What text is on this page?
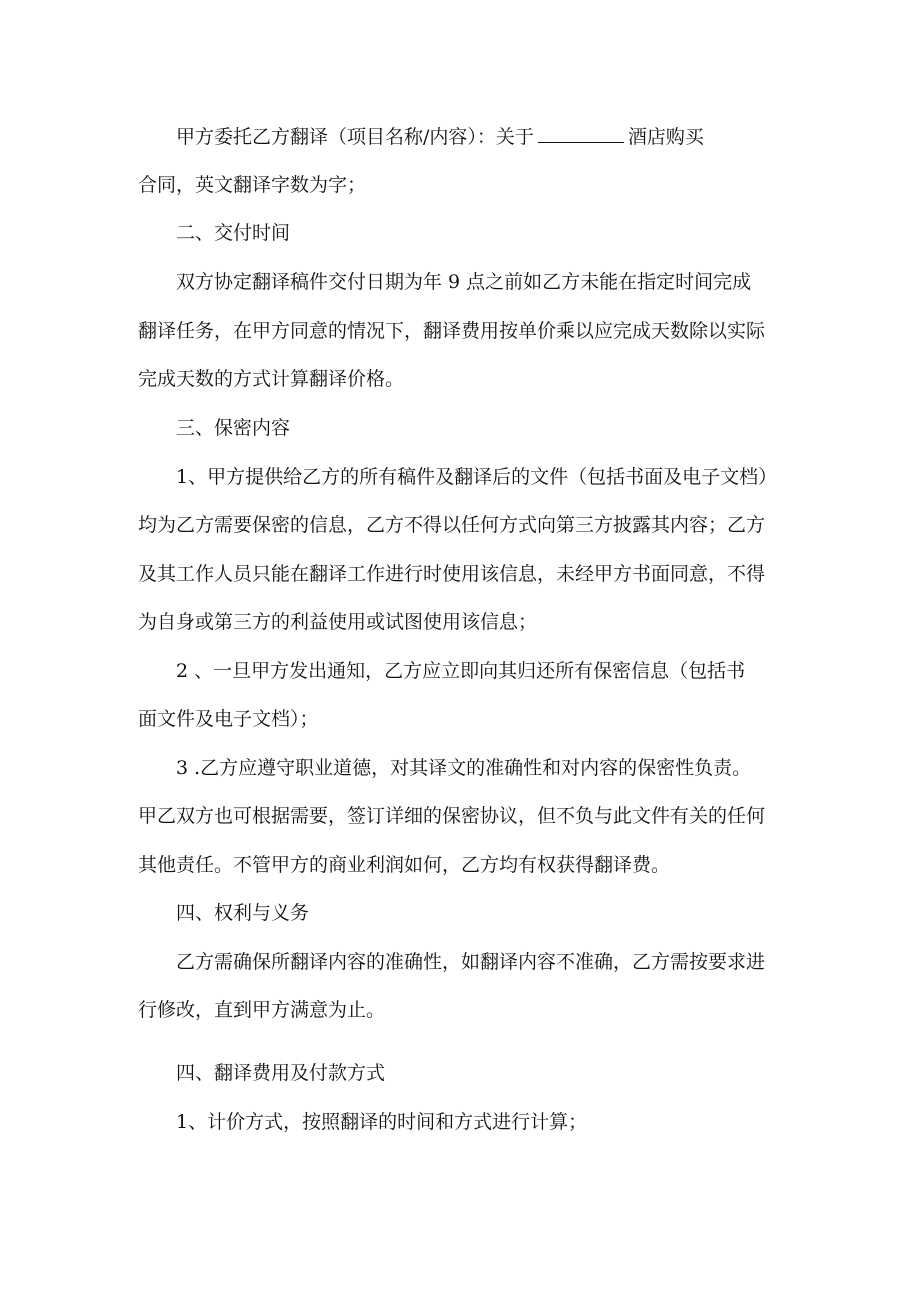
甲方委托乙方翻译（项目名称/内容）：关于	酒店购买

合同，英文翻译字数为字；

二、交付时间

双方协定翻译稿件交付日期为年 9 点之前如乙方未能在指定时间完成

翻译任务，在甲方同意的情况下，翻译费用按单价乘以应完成天数除以实际

完成天数的方式计算翻译价格。

三、保密内容

1、甲方提供给乙方的所有稿件及翻译后的文件（包括书面及电子文档）

均为乙方需要保密的信息，乙方不得以任何方式向第三方披露其内容；乙方

及其工作人员只能在翻译工作进行时使用该信息，未经甲方书面同意，不得

为自身或第三方的利益使用或试图使用该信息；

2 、一旦甲方发出通知，乙方应立即向其归还所有保密信息（包括书

面文件及电子文档）；

3 .乙方应遵守职业道德，对其译文的准确性和对内容的保密性负责。

甲乙双方也可根据需要，签订详细的保密协议，但不负与此文件有关的任何

其他责任。不管甲方的商业利润如何，乙方均有权获得翻译费。

四、权利与义务

乙方需确保所翻译内容的准确性，如翻译内容不准确，乙方需按要求进

行修改，直到甲方满意为止。

四、翻译费用及付款方式

1、计价方式，按照翻译的时间和方式进行计算；
